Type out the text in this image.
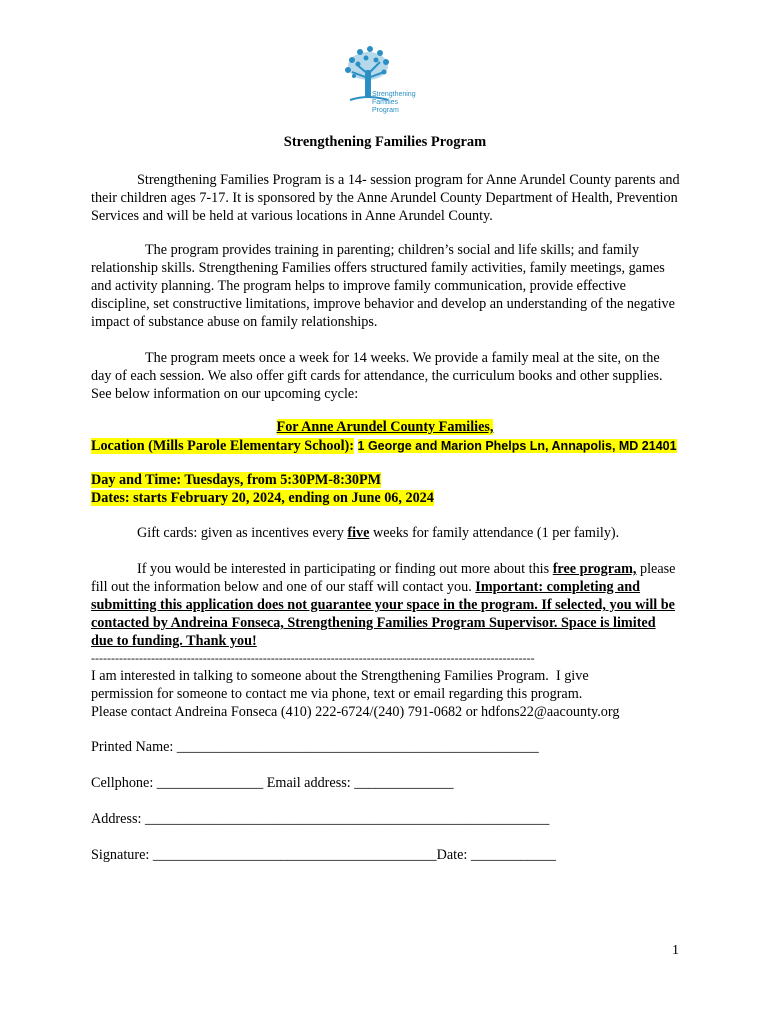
Strengthening Families
Program
Strengthening Families Program
Strengthening Families Program is a 14- session program for Anne Arundel County parents and their children ages 7-17. It is sponsored by the Anne Arundel County Department of Health, Prevention Services and will be held at various locations in Anne Arundel County.
The program provides training in parenting; children’s social and life skills; and family relationship skills. Strengthening Families offers structured family activities, family meetings, games and activity planning. The program helps to improve family communication, provide effective discipline, set constructive limitations, improve behavior and develop an understanding of the negative impact of substance abuse on family relationships.
The program meets once a week for 14 weeks. We provide a family meal at the site, on the day of each session. We also offer gift cards for attendance, the curriculum books and other supplies. See below information on our upcoming cycle:
For Anne Arundel County Families,
Location (Mills Parole Elementary School): 1 George and Marion Phelps Ln, Annapolis, MD 21401
Day and Time: Tuesdays, from 5:30PM-8:30PM
Dates: starts February 20, 2024, ending on June 06, 2024
Gift cards: given as incentives every five weeks for family attendance (1 per family).
If you would be interested in participating or finding out more about this free program, please fill out the information below and one of our staff will contact you. Important: completing and submitting this application does not guarantee your space in the program. If selected, you will be contacted by Andreina Fonseca, Strengthening Families Program Supervisor. Space is limited due to funding. Thank you!
---------------------------------------------------------------------------------------------------------------
I am interested in talking to someone about the Strengthening Families Program.  I give
permission for someone to contact me via phone, text or email regarding this program.
Please contact Andreina Fonseca (410) 222-6724/(240) 791-0682 or hdfons22@aacounty.org
Printed Name: ___________________________________________________
Cellphone: _______________ Email address: ______________
Address: _________________________________________________________
Signature: ________________________________________Date: ____________
1
